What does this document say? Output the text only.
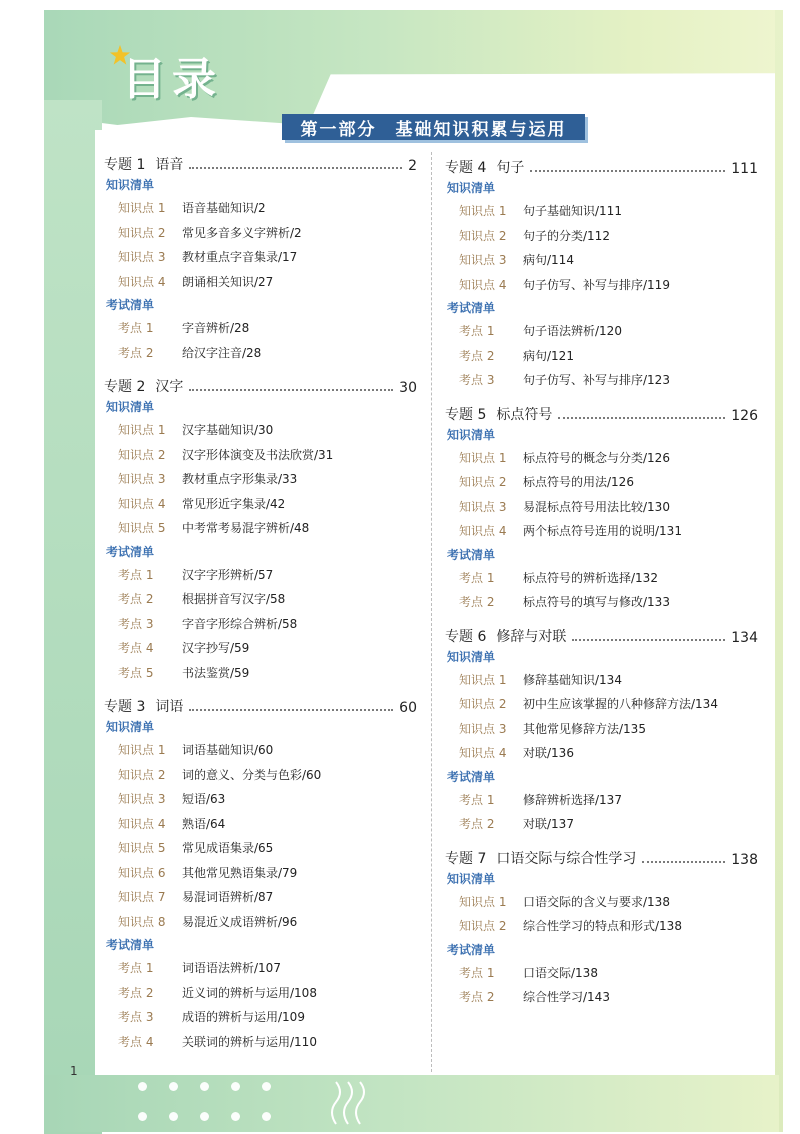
目录
第一部分　基础知识积累与运用
专题 1 语音	2
知识清单
知识点 1 语音基础知识/2
知识点 2 常见多音多义字辨析/2
知识点 3 教材重点字音集录/17
知识点 4 朗诵相关知识/27
考试清单
考点 1 字音辨析/28
考点 2 给汉字注音/28
专题 2 汉字	30
知识清单
知识点 1 汉字基础知识/30
知识点 2 汉字形体演变及书法欣赏/31
知识点 3 教材重点字形集录/33
知识点 4 常见形近字集录/42
知识点 5 中考常考易混字辨析/48
考试清单
考点 1 汉字字形辨析/57
考点 2 根据拼音写汉字/58
考点 3 字音字形综合辨析/58
考点 4 汉字抄写/59
考点 5 书法鉴赏/59
专题 3 词语	60
知识清单
知识点 1 词语基础知识/60
知识点 2 词的意义、分类与色彩/60
知识点 3 短语/63
知识点 4 熟语/64
知识点 5 常见成语集录/65
知识点 6 其他常见熟语集录/79
知识点 7 易混词语辨析/87
知识点 8 易混近义成语辨析/96
考试清单
考点 1 词语语法辨析/107
考点 2 近义词的辨析与运用/108
考点 3 成语的辨析与运用/109
考点 4 关联词的辨析与运用/110
专题 4 句子	111
知识清单
知识点 1 句子基础知识/111
知识点 2 句子的分类/112
知识点 3 病句/114
知识点 4 句子仿写、补写与排序/119
考试清单
考点 1 句子语法辨析/120
考点 2 病句/121
考点 3 句子仿写、补写与排序/123
专题 5 标点符号	126
知识清单
知识点 1 标点符号的概念与分类/126
知识点 2 标点符号的用法/126
知识点 3 易混标点符号用法比较/130
知识点 4 两个标点符号连用的说明/131
考试清单
考点 1 标点符号的辨析选择/132
考点 2 标点符号的填写与修改/133
专题 6 修辞与对联	134
知识清单
知识点 1 修辞基础知识/134
知识点 2 初中生应该掌握的八种修辞方法/134
知识点 3 其他常见修辞方法/135
知识点 4 对联/136
考试清单
考点 1 修辞辨析选择/137
考点 2 对联/137
专题 7 口语交际与综合性学习	138
知识清单
知识点 1 口语交际的含义与要求/138
知识点 2 综合性学习的特点和形式/138
考试清单
考点 1 口语交际/138
考点 2 综合性学习/143
1
